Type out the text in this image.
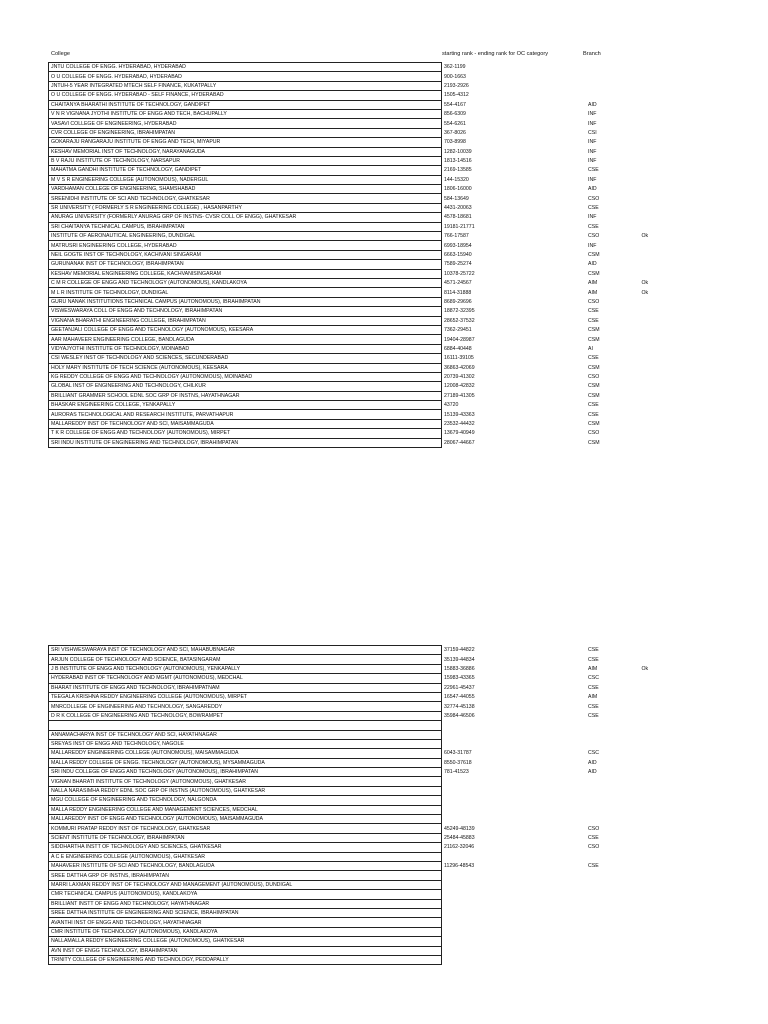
College	starting rank - ending rank for OC category	Branch
JNTU COLLEGE OF ENGG. HYDERABAD, HYDERABAD	362-1199		
O U COLLEGE OF ENGG. HYDERABAD, HYDERABAD	900-1663		
JNTUH-5 YEAR INTEGRATED MTECH SELF FINANCE, KUKATPALLY	2193-2926		
O U COLLEGE OF ENGG. HYDERABAD - SELF FINANCE, HYDERABAD	1505-4312		
CHAITANYA BHARATHI INSTITUTE OF TECHNOLOGY, GANDIPET	554-4167	AID	
V N R VIGNANA JYOTHI INSTITUTE OF ENGG AND TECH, BACHUPALLY	856-6309	INF	
VASAVI COLLEGE OF ENGINEERING, HYDERABAD	554-6261	INF	
CVR COLLEGE OF ENGINEERING, IBRAHIMPATAN	367-8026	CSI	
GOKARAJU RANGARAJU INSTITUTE OF ENGG AND TECH, MIYAPUR	703-8998	INF	
KESHAV MEMORIAL INST OF TECHNOLOGY, NARAYANAGUDA	1282-10039	INF	
B V RAJU INSTITUTE OF TECHNOLOGY, NARSAPUR	1813-14516	INF	
MAHATMA GANDHI INSTITUTE OF TECHNOLOGY, GANDIPET	2169-13585	CSE	
M V S R ENGINEERING COLLEGE (AUTONOMOUS), NADERGUL	144-15320	INF	
VARDHAMAN COLLEGE OF ENGINEERING, SHAMSHABAD	1806-16000	AID	
SREENIDHI INSTITUTE OF SCI AND TECHNOLOGY, GHATKESAR	584-13649	CSO	
SR UNIVERSITY ( FORMERLY S R ENGINEERING COLLEGE) , HASANPARTHY	4431-20063	CSE	
ANURAG UNIVERSITY (FORMERLY ANURAG GRP OF INSTNS- CVSR COLL OF ENGG), GHATKESAR	4578-18681	INF	
SRI CHAITANYA TECHNICAL CAMPUS, IBRAHIMPATAN	19181-21771	CSE	
INSTITUTE OF AERONAUTICAL ENGINEERING, DUNDIGAL	766-17587	CSO	Ok
MATRUSRI ENGINEERING COLLEGE, HYDERABAD	6993-18954	INF	
NEIL GOGTE INST OF TECHNOLOGY, KACHIVANI SINGARAM	6663-15940	CSM	
GURUNANAK INST OF TECHNOLOGY, IBRAHIMPATAN	7589-25274	AID	
KESHAV MEMORIAL ENGINEERING COLLEGE, KACHVANISINGARAM	10378-25722	CSM	
C M R COLLEGE OF ENGG AND TECHNOLOGY (AUTONOMOUS), KANDLAKOYA	4571-24567	AIM	Ok
M L R INSTITUTE OF TECHNOLOGY, DUNDIGAL	8114-31888	AIM	Ok
GURU NANAK INSTITUTIONS TECHNICAL CAMPUS (AUTONOMOUS), IBRAHIMPATAN	8689-29696	CSO	
VISWESWARAYA COLL OF ENGG AND TECHNOLOGY, IBRAHIMPATAN	18872-32395	CSE	
VIGNANA BHARATHI ENGINEERING COLLEGE, IBRAHIMPATAN	28652-37532	CSE	
GEETANJALI COLLEGE OF ENGG AND TECHNOLOGY (AUTONOMOUS), KEESARA	7362-29451	CSM	
AAR MAHAVEER ENGINEERING COLLEGE, BANDLAGUDA	19404-28987	CSM	
VIDYAJYOTHI INSTITUTE OF TECHNOLOGY, MOINABAD	6884-40448	AI	
CSI WESLEY INST OF TECHNOLOGY AND SCIENCES, SECUNDERABAD	16111-39105	CSE	
HOLY MARY INSTITUTE OF TECH SCIENCE (AUTONOMOUS), KEESARA	36863-42069	CSM	
KG REDDY COLLEGE OF ENGG AND TECHNOLOGY (AUTONOMOUS), MOINABAD	20739-41302	CSO	
GLOBAL INST OF ENGINEERING AND TECHNOLOGY, CHILKUR	12008-42832	CSM	
BRILLIANT GRAMMER SCHOOL EDNL SOC GRP OF INSTNS, HAYATHNAGAR	27189-41305	CSM	
BHASKAR ENGINEERING COLLEGE, YENKAPALLY	43720	CSE	
AURORAS TECHNOLOGICAL AND RESEARCH INSTITUTE, PARVATHAPUR	15139-43363	CSE	
MALLAREDDY INST OF TECHNOLOGY AND SCI, MAISAMMAGUDA	23532-44432	CSM	
T K R COLLEGE OF ENGG AND TECHNOLOGY (AUTONOMOUS), MIRPET	13679-40949	CSO	
SRI INDU INSTITUTE OF ENGINEERING AND TECHNOLOGY, IBRAHIMPATAN	28067-44667	CSM	
SRI VISHWESWARAYA INST OF TECHNOLOGY AND SCI, MAHABUBNAGAR	37159-44822	CSE	
ARJUN COLLEGE OF TECHNOLOGY AND SCIENCE, BATASINGARAM	35139-44834	CSE	
J B INSTITUTE OF ENGG AND TECHNOLOGY (AUTONOMOUS), YENKAPALLY	15883-36886	AIM	Ok
HYDERABAD INST OF TECHNOLOGY AND MGMT (AUTONOMOUS), MEDCHAL	15983-43365	CSC	
BHARAT INSTITUTE OF ENGG AND TECHNOLOGY, IBRAHIMPATNAM	22961-45437	CSE	
TEEGALA KRISHNA REDDY ENGINEERING COLLEGE (AUTONOMOUS), MIRPET	16547-44055	AIM	
MNRCOLLEGE OF ENGINEERING AND TECHNOLOGY, SANGAREDDY	32774-45138	CSE	
D R K COLLEGE OF ENGINEERING AND TECHNOLOGY, BOWRAMPET	35984-46506	CSE	

ANNAMACHARYA INST OF TECHNOLOGY AND SCI, HAYATHNAGAR			
SREYAS INST OF ENGG AND TECHNOLOGY, NAGOLE			
MALLAREDDY ENGINEERING COLLEGE (AUTONOMOUS), MAISAMMAGUDA	6043-31787	CSC	
MALLA REDDY COLLEGE OF ENGG. TECHNOLOGY (AUTONOMOUS), MYSAMMAGUDA	8550-37618	AID	
SRI INDU COLLEGE OF ENGG AND TECHNOLOGY (AUTONOMOUS), IBRAHIMPATAN	781-41523	AID	
VIGNAN BHARATI INSTITUTE OF TECHNOLOGY (AUTONOMOUS), GHATKESAR			
NALLA NARASIMHA REDDY EDNL SOC GRP OF INSTNS (AUTONOMOUS), GHATKESAR			
MGU COLLEGE OF ENGINEERING AND TECHNOLOGY, NALGONDA			
MALLA REDDY ENGINEERING COLLEGE AND MANAGEMENT SCIENCES, MEDCHAL			
MALLAREDDY INST OF ENGG AND TECHNOLOGY (AUTONOMOUS), MAISAMMAGUDA			
KOMMURI PRATAP REDDY INST OF TECHNOLOGY, GHATKESAR	45249-48139	CSO	
SCIENT INSTITUTE OF TECHNOLOGY, IBRAHIMPATAN	25484-45883	CSE	
SIDDHARTHA INSTT OF TECHNOLOGY AND SCIENCES, GHATKESAR	21162-32046	CSO	
A C E ENGINEERING COLLEGE (AUTONOMOUS), GHATKESAR			
MAHAVEER INSTITUTE OF SCI AND TECHNOLOGY, BANDLAGUDA	11296-48543	CSE	
SREE DATTHA GRP OF INSTNS, IBRAHIMPATAN			
MARRI LAXMAN REDDY INST OF TECHNOLOGY AND MANAGEMENT (AUTONOMOUS), DUNDIGAL			
CMR TECHNICAL CAMPUS (AUTONOMOUS), KANDLAKOYA			
BRILLIANT INSTT OF ENGG AND TECHNOLOGY, HAYATHNAGAR			
SREE DATTHA INSTITUTE OF ENGINEERING AND SCIENCE, IBRAHIMPATAN			
AVANTHI INST OF ENGG AND TECHNOLOGY, HAYATHNAGAR			
CMR INSTITUTE OF TECHNOLOGY (AUTONOMOUS), KANDLAKOYA			
NALLAMALLA REDDY ENGINEERING COLLEGE (AUTONOMOUS), GHATKESAR			
AVN INST OF ENGG TECHNOLOGY, IBRAHIMPATAN			
TRINITY COLLEGE OF ENGINEERING AND TECHNOLOGY, PEDDAPALLY			
